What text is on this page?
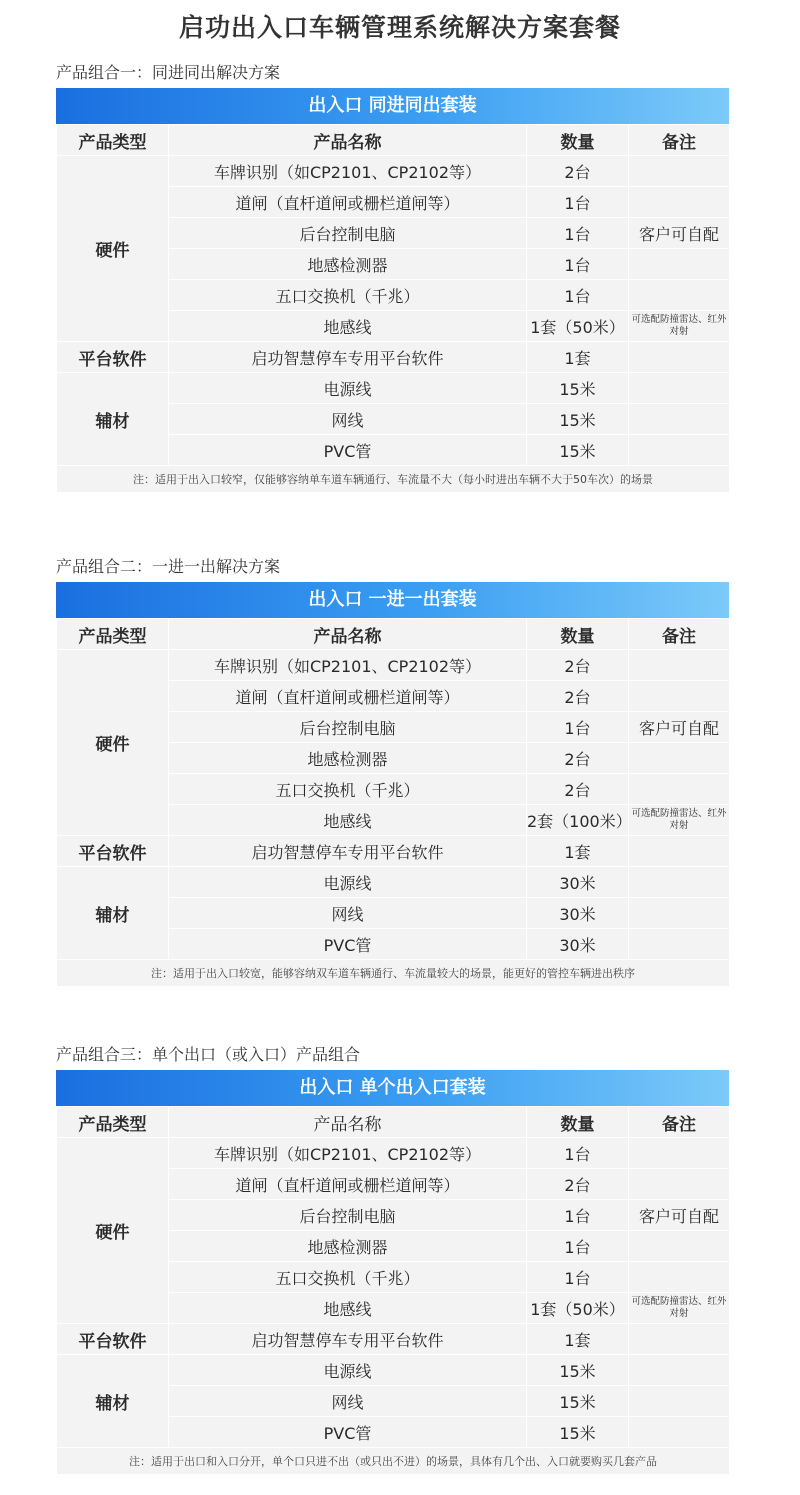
启功出入口车辆管理系统解决方案套餐
产品组合一：同进同出解决方案
出入口 同进同出套装
产品类型	产品名称	数量	备注
硬件	车牌识别（如CP2101、CP2102等）	2台	
	道闸（直杆道闸或栅栏道闸等）	1台	
	后台控制电脑	1台	客户可自配
	地感检测器	1台	
	五口交换机（千兆）	1台	
	地感线	1套（50米）	可选配防撞雷达、红外对射
平台软件	启功智慧停车专用平台软件	1套	
辅材	电源线	15米	
	网线	15米	
	PVC管	15米	
注：适用于出入口较窄，仅能够容纳单车道车辆通行、车流量不大（每小时进出车辆不大于50车次）的场景			
产品组合二：一进一出解决方案
出入口 一进一出套装
产品类型	产品名称	数量	备注
硬件	车牌识别（如CP2101、CP2102等）	2台	
	道闸（直杆道闸或栅栏道闸等）	2台	
	后台控制电脑	1台	客户可自配
	地感检测器	2台	
	五口交换机（千兆）	2台	
	地感线	2套（100米）	可选配防撞雷达、红外对射
平台软件	启功智慧停车专用平台软件	1套	
辅材	电源线	30米	
	网线	30米	
	PVC管	30米	
注：适用于出入口较宽，能够容纳双车道车辆通行、车流量较大的场景，能更好的管控车辆进出秩序			
产品组合三：单个出口（或入口）产品组合
出入口 单个出入口套装
产品类型	产品名称	数量	备注
硬件	车牌识别（如CP2101、CP2102等）	1台	
	道闸（直杆道闸或栅栏道闸等）	2台	
	后台控制电脑	1台	客户可自配
	地感检测器	1台	
	五口交换机（千兆）	1台	
	地感线	1套（50米）	可选配防撞雷达、红外对射
平台软件	启功智慧停车专用平台软件	1套	
辅材	电源线	15米	
	网线	15米	
	PVC管	15米	
注：适用于出口和入口分开，单个口只进不出（或只出不进）的场景，具体有几个出、入口就要购买几套产品			
